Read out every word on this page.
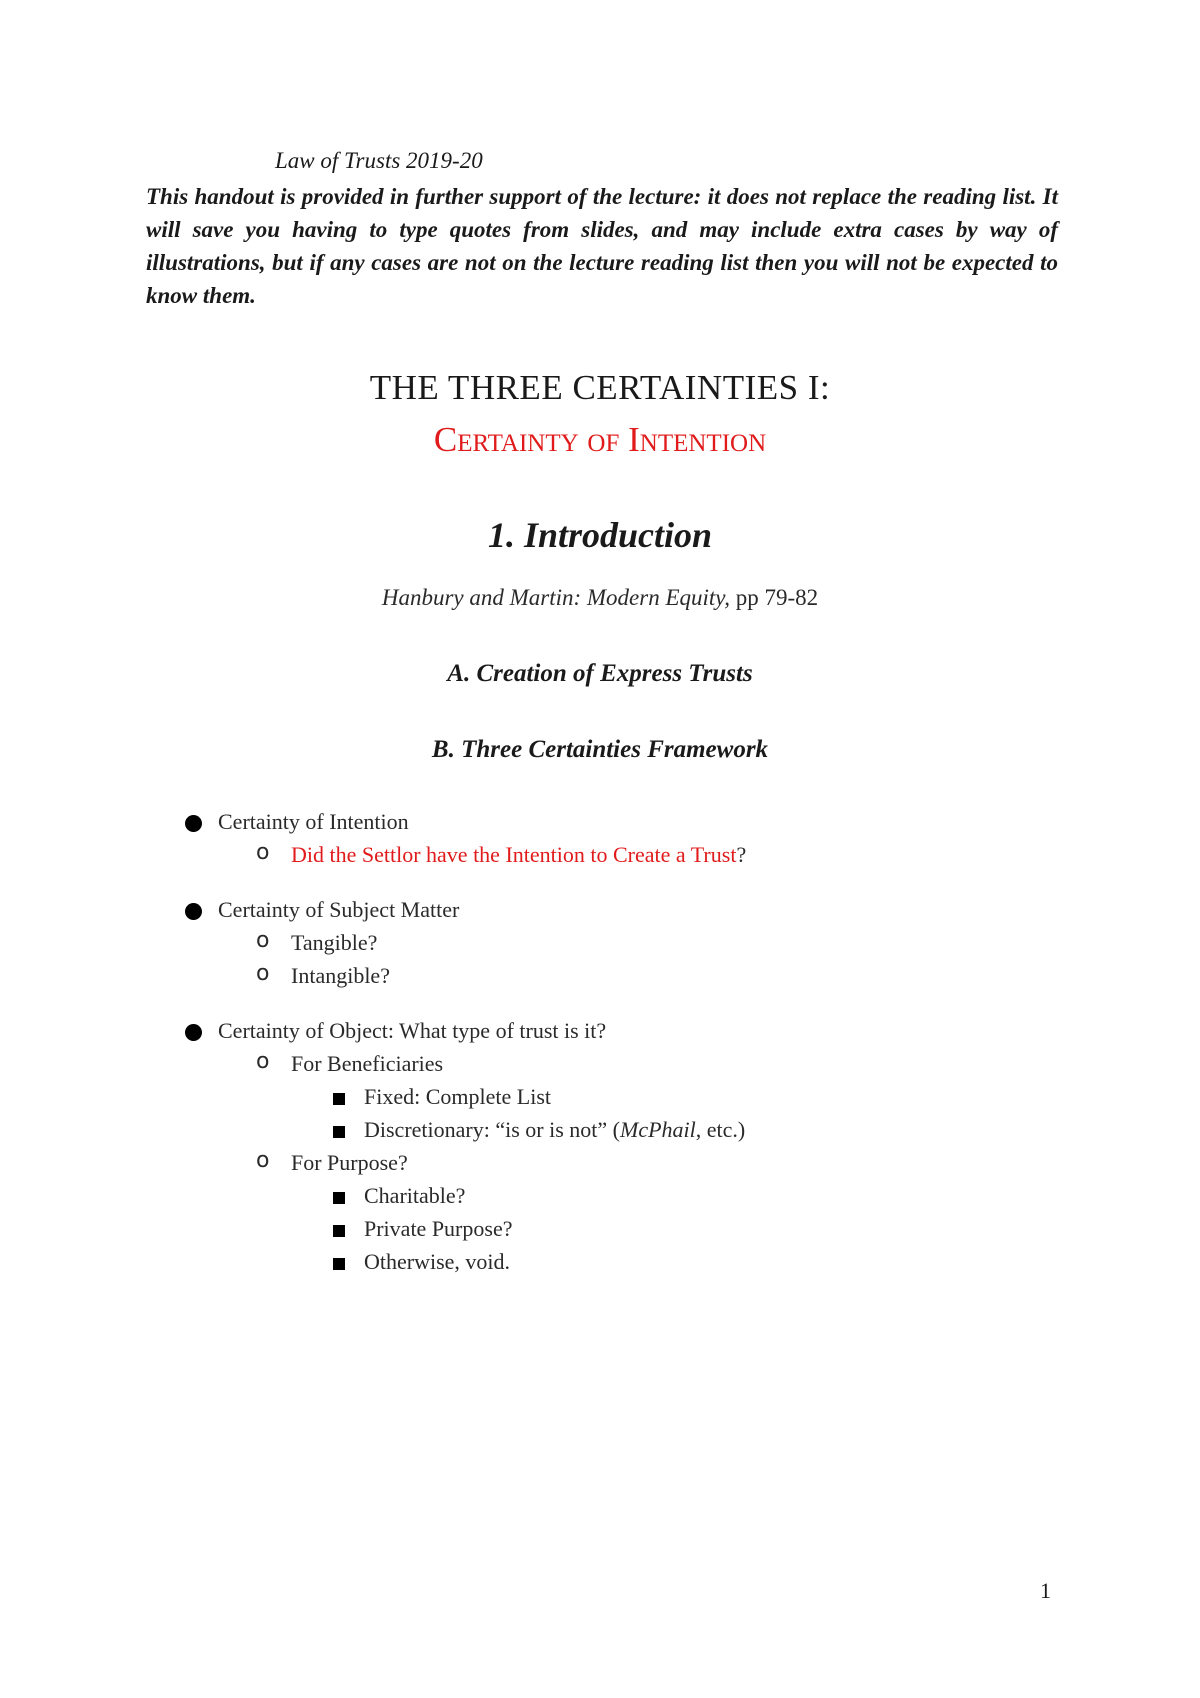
Law of Trusts 2019-20
This handout is provided in further support of the lecture: it does not replace the reading list. It will save you having to type quotes from slides, and may include extra cases by way of illustrations, but if any cases are not on the lecture reading list then you will not be expected to know them.
THE THREE CERTAINTIES I:
Certainty of Intention
1. Introduction
Hanbury and Martin: Modern Equity, pp 79-82
A. Creation of Express Trusts
B. Three Certainties Framework
Certainty of Intention
o Did the Settlor have the Intention to Create a Trust?
Certainty of Subject Matter
o Tangible?
o Intangible?
Certainty of Object: What type of trust is it?
o For Beneficiaries
Fixed: Complete List
Discretionary: “is or is not” (McPhail, etc.)
o For Purpose?
Charitable?
Private Purpose?
Otherwise, void.
1
